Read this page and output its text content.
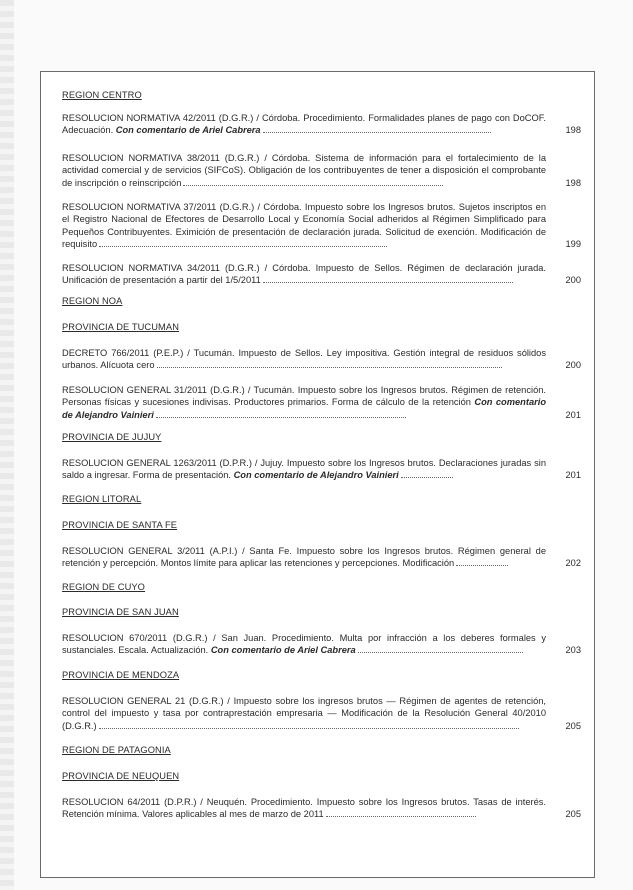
REGION CENTRO

RESOLUCION NORMATIVA 42/2011 (D.G.R.) / Córdoba. Procedimiento. Formalidades planes de pago con DoCOF. Adecuación. Con comentario de Ariel Cabrera	198

RESOLUCION NORMATIVA 38/2011 (D.G.R.) / Córdoba. Sistema de información para el fortalecimiento de la actividad comercial y de servicios (SIFCoS). Obligación de los contribuyentes de tener a disposición el comprobante de inscripción o reinscripción	198

RESOLUCION NORMATIVA 37/2011 (D.G.R.) / Córdoba. Impuesto sobre los Ingresos brutos. Sujetos inscriptos en el Registro Nacional de Efectores de Desarrollo Local y Economía Social adheridos al Régimen Simplificado para Pequeños Contribuyentes. Eximición de presentación de declaración jurada. Solicitud de exención. Modificación de requisito	199

RESOLUCION NORMATIVA 34/2011 (D.G.R.) / Córdoba. Impuesto de Sellos. Régimen de declaración jurada. Unificación de presentación a partir del 1/5/2011	200
REGION NOA
PROVINCIA DE TUCUMAN

DECRETO 766/2011 (P.E.P.) / Tucumán. Impuesto de Sellos. Ley impositiva. Gestión integral de residuos sólidos urbanos. Alícuota cero	200

RESOLUCION GENERAL 31/2011 (D.G.R.) / Tucumán. Impuesto sobre los Ingresos brutos. Régimen de retención. Personas físicas y sucesiones indivisas. Productores primarios. Forma de cálculo de la retención Con comentario de Alejandro Vainieri	201
PROVINCIA DE JUJUY

RESOLUCION GENERAL 1263/2011 (D.P.R.) / Jujuy. Impuesto sobre los Ingresos brutos. Declaraciones juradas sin saldo a ingresar. Forma de presentación. Con comentario de Alejandro Vainieri	201
REGION LITORAL
PROVINCIA DE SANTA FE

RESOLUCION GENERAL 3/2011 (A.P.I.) / Santa Fe. Impuesto sobre los Ingresos brutos. Régimen general de retención y percepción. Montos límite para aplicar las retenciones y percepciones. Modificación	202
REGION DE CUYO
PROVINCIA DE SAN JUAN

RESOLUCION 670/2011 (D.G.R.) / San Juan. Procedimiento. Multa por infracción a los deberes formales y sustanciales. Escala. Actualización. Con comentario de Ariel Cabrera	203
PROVINCIA DE MENDOZA

RESOLUCION GENERAL 21 (D.G.R.) / Impuesto sobre los ingresos brutos — Régimen de agentes de retención, control del impuesto y tasa por contraprestación empresaria — Modificación de la Resolución General 40/2010 (D.G.R.)	205
REGION DE PATAGONIA
PROVINCIA DE NEUQUEN

RESOLUCION 64/2011 (D.P.R.) / Neuquén. Procedimiento. Impuesto sobre los Ingresos brutos. Tasas de interés. Retención mínima. Valores aplicables al mes de marzo de 2011	205
